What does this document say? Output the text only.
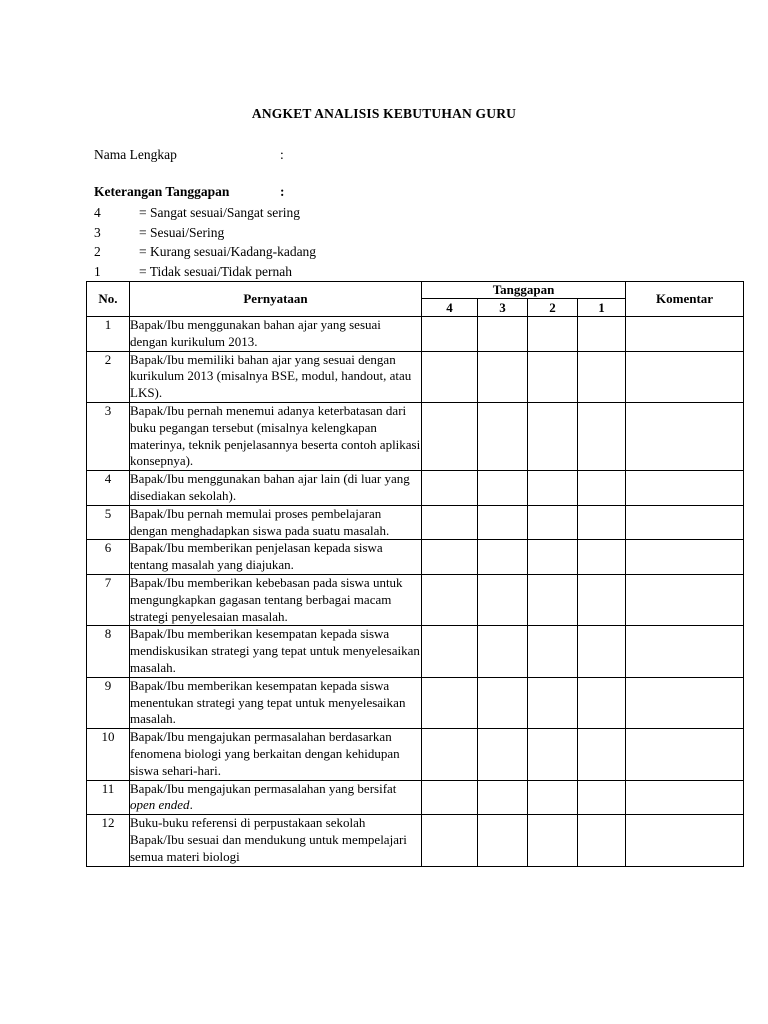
ANGKET ANALISIS KEBUTUHAN GURU
Nama Lengkap	:
Keterangan Tanggapan	:
4	= Sangat sesuai/Sangat sering
3	= Sesuai/Sering
2	= Kurang sesuai/Kadang-kadang
1	= Tidak sesuai/Tidak pernah
No.	Pernyataan	Tanggapan				Komentar
		4	3	2	1	
1	Bapak/Ibu menggunakan bahan ajar yang sesuai dengan kurikulum 2013.					
2	Bapak/Ibu memiliki bahan ajar yang sesuai dengan kurikulum 2013 (misalnya BSE, modul, handout, atau LKS).					
3	Bapak/Ibu pernah menemui adanya keterbatasan dari buku pegangan tersebut (misalnya kelengkapan materinya, teknik penjelasannya beserta contoh aplikasi konsepnya).					
4	Bapak/Ibu menggunakan bahan ajar lain (di luar yang disediakan sekolah).					
5	Bapak/Ibu pernah memulai proses pembelajaran dengan menghadapkan siswa pada suatu masalah.					
6	Bapak/Ibu memberikan penjelasan kepada siswa tentang masalah yang diajukan.					
7	Bapak/Ibu memberikan kebebasan pada siswa untuk mengungkapkan gagasan tentang berbagai macam strategi penyelesaian masalah.					
8	Bapak/Ibu memberikan kesempatan kepada siswa mendiskusikan strategi yang tepat untuk menyelesaikan masalah.					
9	Bapak/Ibu memberikan kesempatan kepada siswa menentukan strategi yang tepat untuk menyelesaikan masalah.					
10	Bapak/Ibu mengajukan permasalahan berdasarkan fenomena biologi yang berkaitan dengan kehidupan siswa sehari-hari.					
11	Bapak/Ibu mengajukan permasalahan yang bersifat open ended.					
12	Buku-buku referensi di perpustakaan sekolah Bapak/Ibu sesuai dan mendukung untuk mempelajari semua materi biologi					
